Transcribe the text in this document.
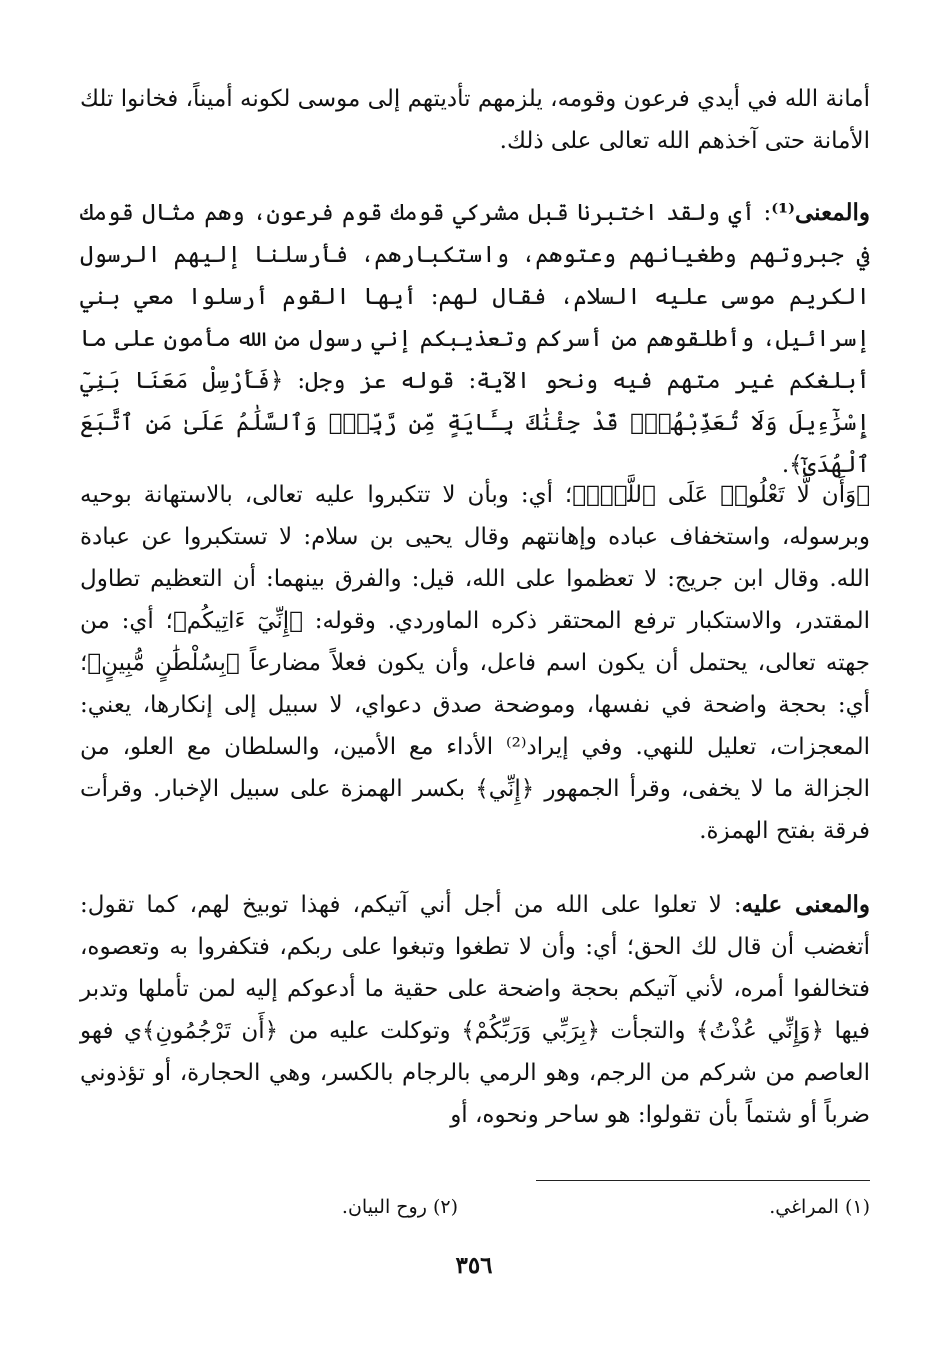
أمانة الله في أيدي فرعون وقومه، يلزمهم تأديتهم إلى موسى لكونه أميناً، فخانوا تلك الأمانة حتى آخذهم الله تعالى على ذلك.

والمعنى⁽¹⁾: أي ولقد اختبرنا قبل مشركي قومك قوم فرعون، وهم مثال قومك في جبروتهم وطغيانهم وعتوهم، واستكبارهم، فأرسلنا إليهم الرسول الكريم موسى عليه السلام، فقال لهم: أيها القوم أرسلوا معي بني إسرائيل، وأطلقوهم من أسركم وتعذيبكم إني رسول من الله مأمون على ما أبلغكم غير متهم فيه ونحو الآية: قوله عز وجل: ﴿فَأَرْسِلْ مَعَنَا بَنِيٓ إِسْرَٰٓءِيلَ وَلَا تُعَذِّبْهُمْۖ قَدْ جِئْنَٰكَ بِـَٔايَةٍ مِّن رَّبِّكَۖ وَٱلسَّلَٰمُ عَلَىٰ مَنِ ٱتَّبَعَ ٱلْهُدَىٰٓ﴾.

﴿وَأَن لَّا تَعْلُوا۟ عَلَى ٱللَّهِۖ﴾؛ أي: وبأن لا تتكبروا عليه تعالى، بالاستهانة بوحيه وبرسوله، واستخفاف عباده وإهانتهم وقال يحيى بن سلام: لا تستكبروا عن عبادة الله. وقال ابن جريج: لا تعظموا على الله، قيل: والفرق بينهما: أن التعظيم تطاول المقتدر، والاستكبار ترفع المحتقر ذكره الماوردي. وقوله: ﴿إِنِّيٓ ءَاتِيكُم﴾؛ أي: من جهته تعالى، يحتمل أن يكون اسم فاعل، وأن يكون فعلاً مضارعاً ﴿بِسُلْطَٰنٍ مُّبِينٍ﴾؛ أي: بحجة واضحة في نفسها، وموضحة صدق دعواي، لا سبيل إلى إنكارها، يعني: المعجزات، تعليل للنهي. وفي إيراد⁽²⁾ الأداء مع الأمين، والسلطان مع العلو، من الجزالة ما لا يخفى، وقرأ الجمهور ﴿إِنِّي﴾ بكسر الهمزة على سبيل الإخبار. وقرأت فرقة بفتح الهمزة.

والمعنى عليه: لا تعلوا على الله من أجل أني آتيكم، فهذا توبيخ لهم، كما تقول: أتغضب أن قال لك الحق؛ أي: وأن لا تطغوا وتبغوا على ربكم، فتكفروا به وتعصوه، فتخالفوا أمره، لأني آتيكم بحجة واضحة على حقية ما أدعوكم إليه لمن تأملها وتدبر فيها ﴿وَإِنِّي عُذْتُ﴾ والتجأت ﴿بِرَبِّي وَرَبِّكُمْ﴾ وتوكلت عليه من ﴿أَن تَرْجُمُونِ﴾ي فهو العاصم من شركم من الرجم، وهو الرمي بالرجام بالكسر، وهي الحجارة، أو تؤذوني ضرباً أو شتماً بأن تقولوا: هو ساحر ونحوه، أو

(١) المراغي.
(٢) روح البيان.
٣٥٦
